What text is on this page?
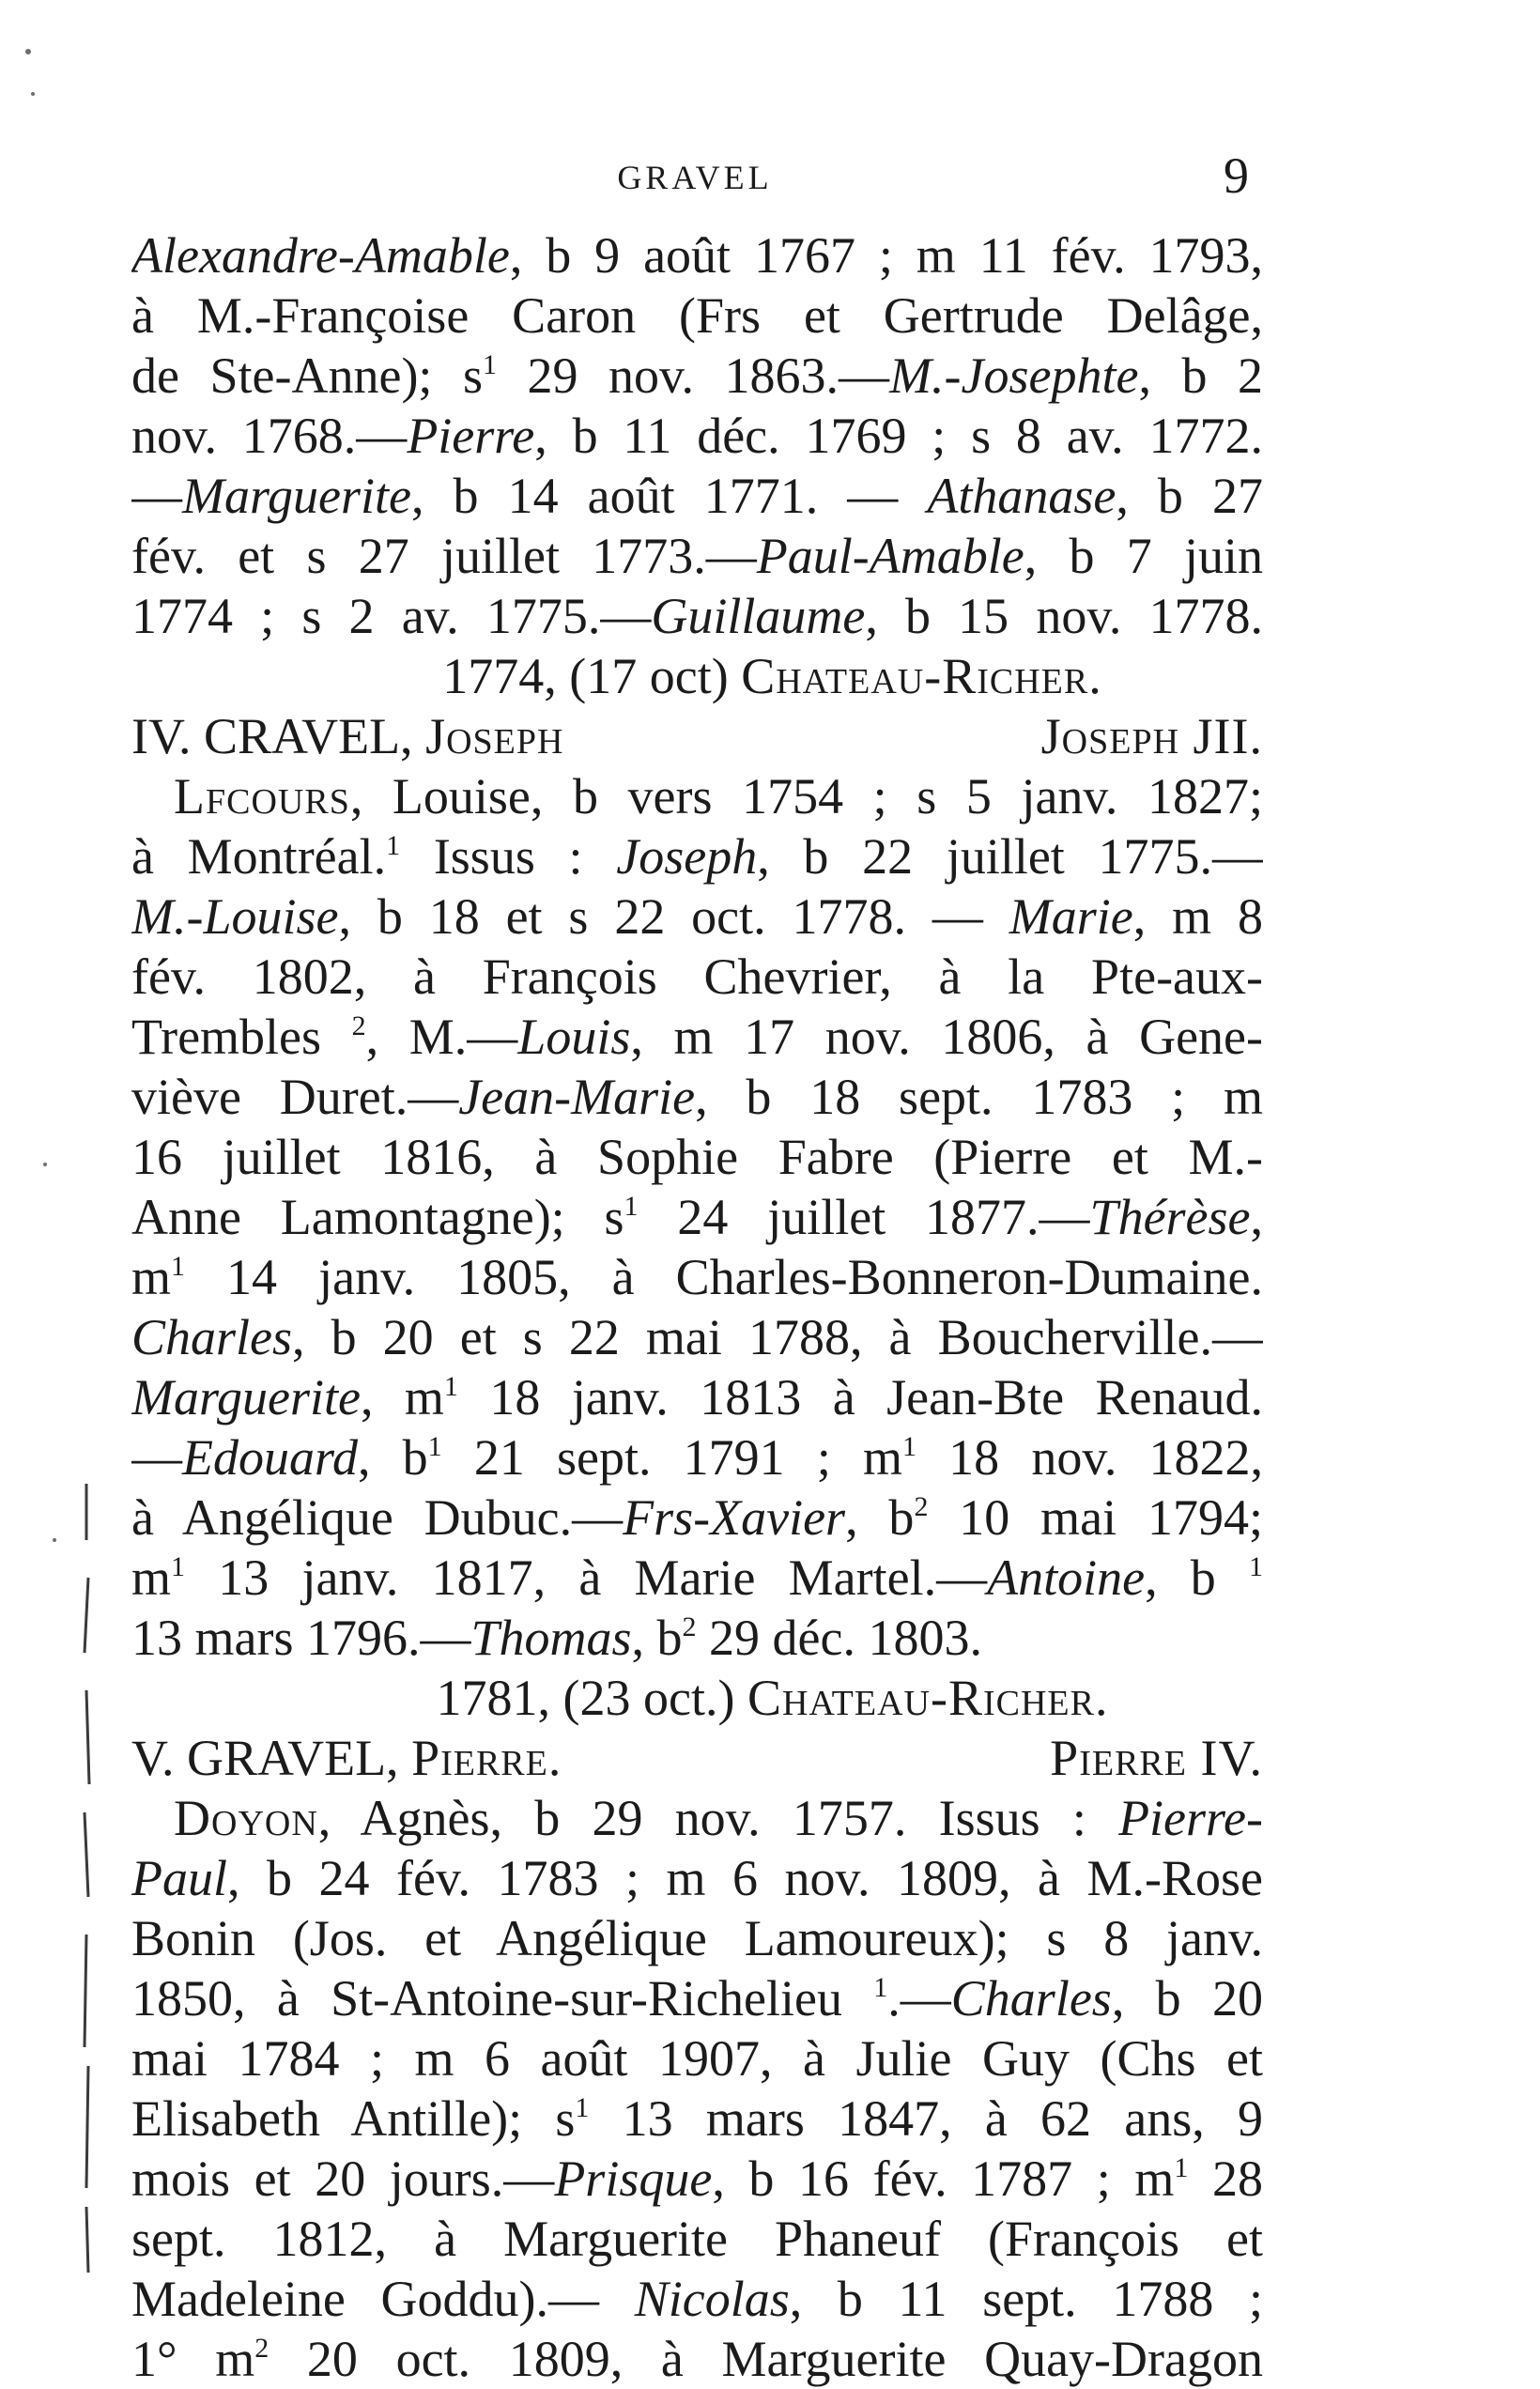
GRAVEL	9
Alexandre-Amable, b 9 août 1767 ; m 11 fév. 1793,
à M.-Françoise Caron (Frs et Gertrude Delâge,
de Ste-Anne); $s^1$ 29 nov. 1863.—M.-Josephte, b 2
nov. 1768.—Pierre, b 11 déc. 1769 ; s 8 av. 1772.
—Marguerite, b 14 août 1771. — Athanase, b 27
fév. et s 27 juillet 1773.—Paul-Amable, b 7 juin
1774 ; s 2 av. 1775.—Guillaume, b 15 nov. 1778.
1774, (17 oct) Chateau-Richer.
IV. CRAVEL, Joseph	Joseph JII.
Lfcours, Louise, b vers 1754 ; s 5 janv. 1827;
à Montréal.$^1$ Issus : Joseph, b 22 juillet 1775.—
M.-Louise, b 18 et s 22 oct. 1778. — Marie, m 8
fév. 1802, à François Chevrier, à la Pte-aux-
Trembles $^2$, M.—Louis, m 17 nov. 1806, à Gene-
viève Duret.—Jean-Marie, b 18 sept. 1783 ; m
16 juillet 1816, à Sophie Fabre (Pierre et M.-
Anne Lamontagne); $s^1$ 24 juillet 1877.—Thérèse,
$m^1$ 14 janv. 1805, à Charles-Bonneron-Dumaine.
Charles, b 20 et s 22 mai 1788, à Boucherville.—
Marguerite, $m^1$ 18 janv. 1813 à Jean-Bte Renaud.
—Edouard, $b^1$ 21 sept. 1791 ; $m^1$ 18 nov. 1822,
à Angélique Dubuc.—Frs-Xavier, $b^2$ 10 mai 1794;
$m^1$ 13 janv. 1817, à Marie Martel.—Antoine, b $^1$
13 mars 1796.—Thomas, $b^2$ 29 déc. 1803.
1781, (23 oct.) Chateau-Richer.
V. GRAVEL, Pierre.	Pierre IV.
Doyon, Agnès, b 29 nov. 1757. Issus : Pierre-
Paul, b 24 fév. 1783 ; m 6 nov. 1809, à M.-Rose
Bonin (Jos. et Angélique Lamoureux); s 8 janv.
1850, à St-Antoine-sur-Richelieu $^1$.—Charles, b 20
mai 1784 ; m 6 août 1907, à Julie Guy (Chs et
Elisabeth Antille); $s^1$ 13 mars 1847, à 62 ans, 9
mois et 20 jours.—Prisque, b 16 fév. 1787 ; $m^1$ 28
sept. 1812, à Marguerite Phaneuf (François et
Madeleine Goddu).— Nicolas, b 11 sept. 1788 ;
1° $m^2$ 20 oct. 1809, à Marguerite Quay-Dragon
